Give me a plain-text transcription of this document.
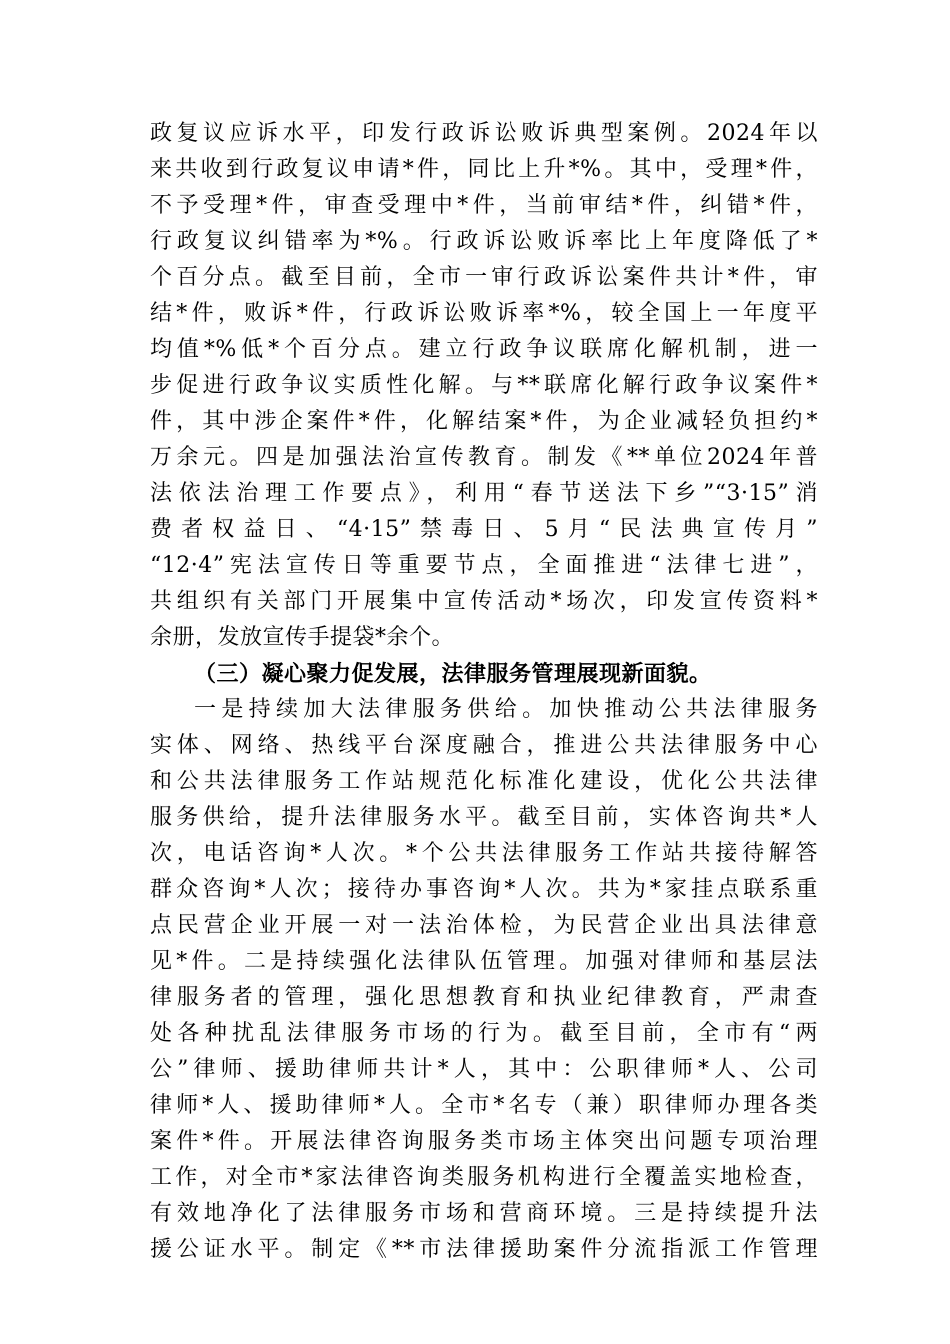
政复议应诉水平，印发行政诉讼败诉典型案例。2024年以
来共收到行政复议申请*件，同比上升*%。其中，受理*件，
不予受理*件，审查受理中*件，当前审结*件，纠错*件，
行政复议纠错率为*%。行政诉讼败诉率比上年度降低了*
个百分点。截至目前，全市一审行政诉讼案件共计*件，审
结*件，败诉*件，行政诉讼败诉率*%，较全国上一年度平
均值*%低*个百分点。建立行政争议联席化解机制，进一
步促进行政争议实质性化解。与**联席化解行政争议案件*
件，其中涉企案件*件，化解结案*件，为企业减轻负担约*
万余元。四是加强法治宣传教育。制发《**单位2024年普
法依法治理工作要点》，利用“春节送法下乡”“3·15”消
费者权益日、“4·15”禁毒日、5月“民法典宣传月”
“12·4”宪法宣传日等重要节点，全面推进“法律七进”，
共组织有关部门开展集中宣传活动*场次，印发宣传资料*
余册，发放宣传手提袋*余个。
（三）凝心聚力促发展，法律服务管理展现新面貌。
一是持续加大法律服务供给。加快推动公共法律服务
实体、网络、热线平台深度融合，推进公共法律服务中心
和公共法律服务工作站规范化标准化建设，优化公共法律
服务供给，提升法律服务水平。截至目前，实体咨询共*人
次，电话咨询*人次。*个公共法律服务工作站共接待解答
群众咨询*人次；接待办事咨询*人次。共为*家挂点联系重
点民营企业开展一对一法治体检，为民营企业出具法律意
见*件。二是持续强化法律队伍管理。加强对律师和基层法
律服务者的管理，强化思想教育和执业纪律教育，严肃查
处各种扰乱法律服务市场的行为。截至目前，全市有“两
公”律师、援助律师共计*人，其中：公职律师*人、公司
律师*人、援助律师*人。全市*名专（兼）职律师办理各类
案件*件。开展法律咨询服务类市场主体突出问题专项治理
工作，对全市*家法律咨询类服务机构进行全覆盖实地检查，
有效地净化了法律服务市场和营商环境。三是持续提升法
援公证水平。制定《**市法律援助案件分流指派工作管理
